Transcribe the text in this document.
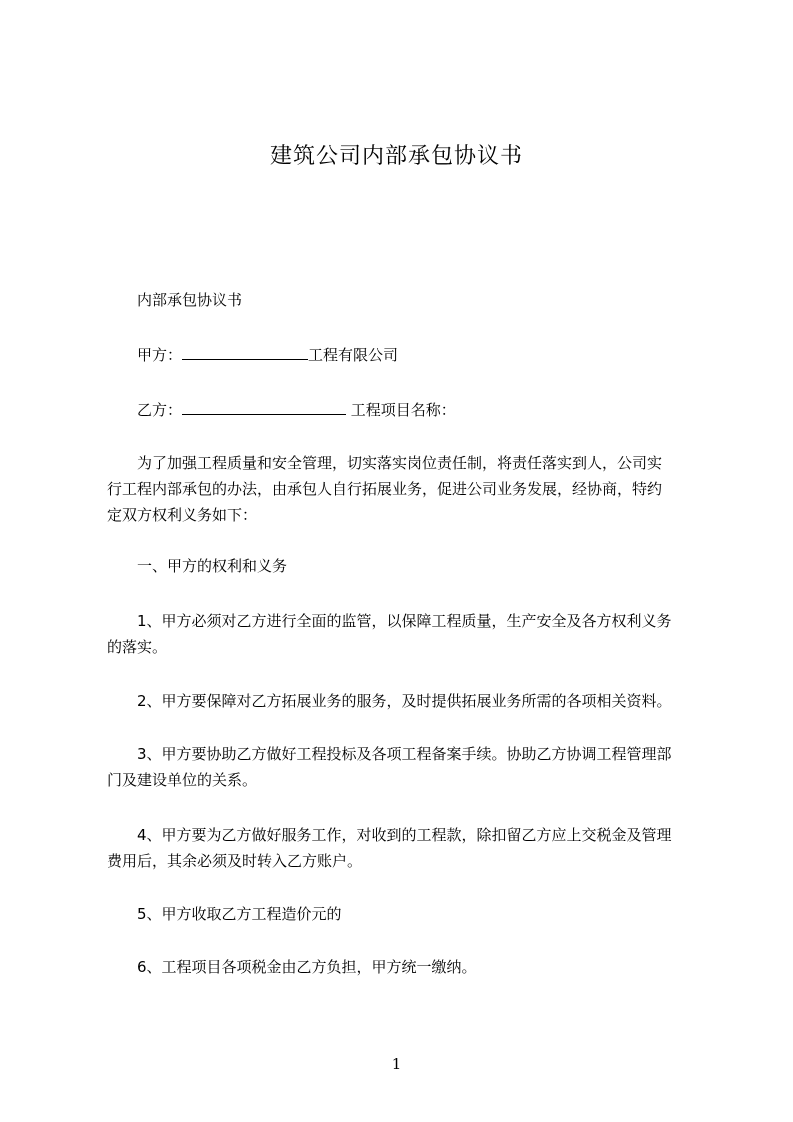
建筑公司内部承包协议书

内部承包协议书

甲方：	工程有限公司

乙方：	工程项目名称：

为了加强工程质量和安全管理，切实落实岗位责任制，将责任落实到人，公司实
行工程内部承包的办法，由承包人自行拓展业务，促进公司业务发展，经协商，特约
定双方权利义务如下：

一、甲方的权利和义务

1、甲方必须对乙方进行全面的监管，以保障工程质量，生产安全及各方权利义务
的落实。
2、甲方要保障对乙方拓展业务的服务，及时提供拓展业务所需的各项相关资料。
3、甲方要协助乙方做好工程投标及各项工程备案手续。协助乙方协调工程管理部
门及建设单位的关系。
4、甲方要为乙方做好服务工作，对收到的工程款，除扣留乙方应上交税金及管理
费用后，其余必须及时转入乙方账户。

5、甲方收取乙方工程造价元的

6、工程项目各项税金由乙方负担，甲方统一缴纳。

1
